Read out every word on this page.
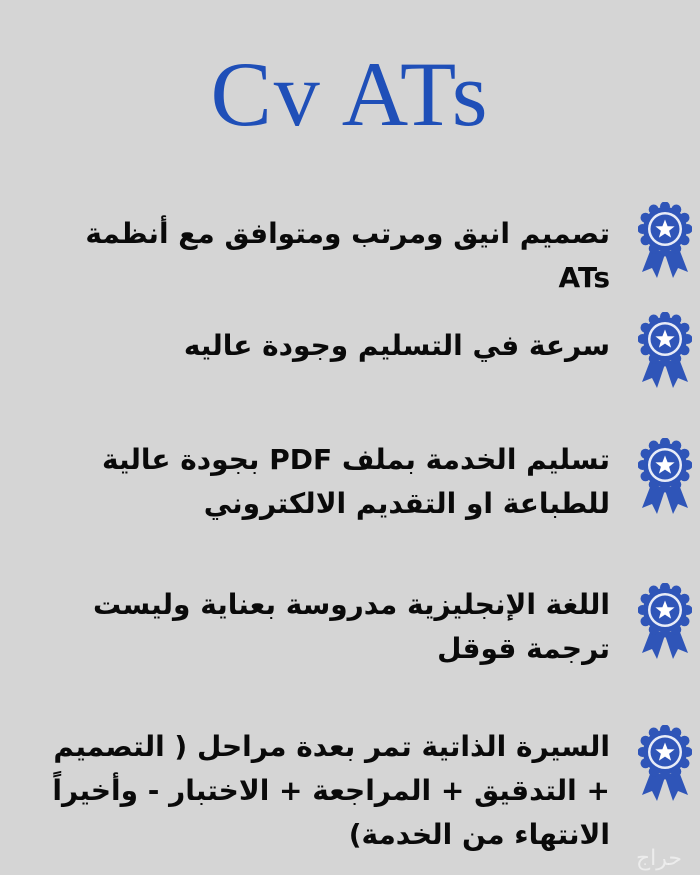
Cv ATs
تصميم انيق ومرتب ومتوافق مع أنظمة ATs
سرعة في التسليم وجودة عاليه
تسليم الخدمة بملف PDF بجودة عالية للطباعة او التقديم الالكتروني
اللغة الإنجليزية مدروسة بعناية وليست ترجمة قوقل
السيرة الذاتية تمر بعدة مراحل ( التصميم + التدقيق + المراجعة + الاختبار - وأخيراً الانتهاء من الخدمة)
حراج
